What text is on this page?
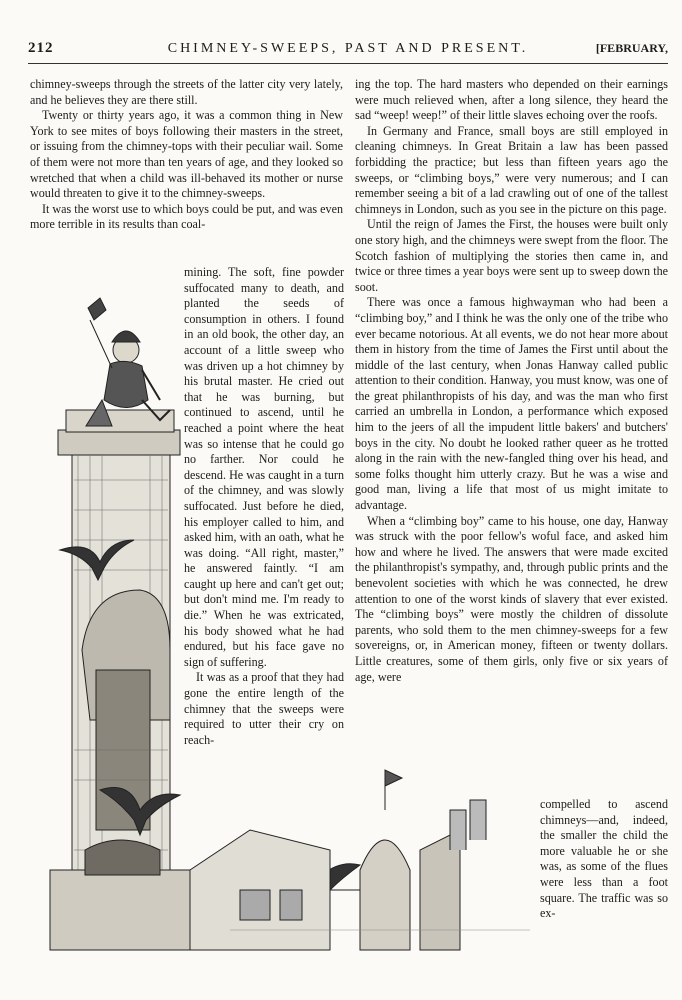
212	CHIMNEY-SWEEPS, PAST AND PRESENT.	[FEBRUARY,

chimney-sweeps through the streets of the latter city very lately, and he believes they are there still.

Twenty or thirty years ago, it was a common thing in New York to see mites of boys following their masters in the street, or issuing from the chimney-tops with their peculiar wail. Some of them were not more than ten years of age, and they looked so wretched that when a child was ill-behaved its mother or nurse would threaten to give it to the chimney-sweeps.

It was the worst use to which boys could be put, and was even more terrible in its results than coal-

mining. The soft, fine powder suffocated many to death, and planted the seeds of consumption in others. I found in an old book, the other day, an account of a little sweep who was driven up a hot chimney by his brutal master. He cried out that he was burning, but continued to ascend, until he reached a point where the heat was so intense that he could go no farther. Nor could he descend. He was caught in a turn of the chimney, and was slowly suffocated. Just before he died, his employer called to him, and asked him, with an oath, what he was doing. “All right, master,” he answered faintly. “I am caught up here and can't get out; but don't mind me. I'm ready to die.” When he was extricated, his body showed what he had endured, but his face gave no sign of suffering.

It was as a proof that they had gone the entire length of the chimney that the sweeps were required to utter their cry on reach-

ing the top. The hard masters who depended on their earnings were much relieved when, after a long silence, they heard the sad “weep! weep!” of their little slaves echoing over the roofs.

In Germany and France, small boys are still employed in cleaning chimneys. In Great Britain a law has been passed forbidding the practice; but less than fifteen years ago the sweeps, or “climbing boys,” were very numerous; and I can remember seeing a bit of a lad crawling out of one of the tallest chimneys in London, such as you see in the picture on this page.

Until the reign of James the First, the houses were built only one story high, and the chimneys were swept from the floor. The Scotch fashion of multiplying the stories then came in, and twice or three times a year boys were sent up to sweep down the soot.

There was once a famous highwayman who had been a “climbing boy,” and I think he was the only one of the tribe who ever became notorious. At all events, we do not hear more about them in history from the time of James the First until about the middle of the last century, when Jonas Hanway called public attention to their condition. Hanway, you must know, was one of the great philanthropists of his day, and was the man who first carried an umbrella in London, a performance which exposed him to the jeers of all the impudent little bakers' and butchers' boys in the city. No doubt he looked rather queer as he trotted along in the rain with the new-fangled thing over his head, and some folks thought him utterly crazy. But he was a wise and good man, living a life that most of us might imitate to advantage.

When a “climbing boy” came to his house, one day, Hanway was struck with the poor fellow's woful face, and asked him how and where he lived. The answers that were made excited the philanthropist's sympathy, and, through public prints and the benevolent societies with which he was connected, he drew attention to one of the worst kinds of slavery that ever existed. The “climbing boys” were mostly the children of dissolute parents, who sold them to the men chimney-sweeps for a few sovereigns, or, in American money, fifteen or twenty dollars. Little creatures, some of them girls, only five or six years of age, were

compelled to ascend chimneys—and, indeed, the smaller the child the more valuable he or she was, as some of the flues were less than a foot square. The traffic was so ex-
